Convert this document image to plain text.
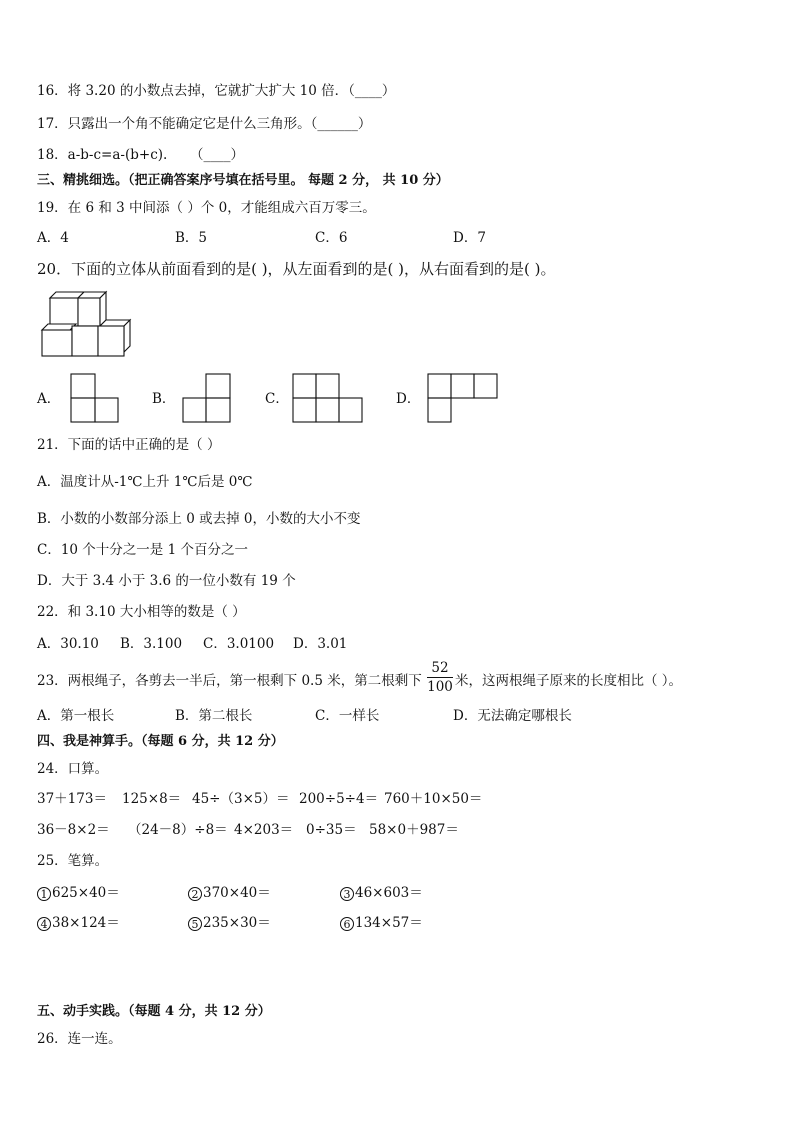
16．将 3.20 的小数点去掉，它就扩大扩大 10 倍．（____）
17．只露出一个角不能确定它是什么三角形。（______）
18．a-b-c=a-(b+c). （____）
三、精挑细选。（把正确答案序号填在括号里。 每题 2 分， 共 10 分）
19．在 6 和 3 中间添（ ）个 0，才能组成六百万零三。
A．4	B．5	C．6	D．7
20．下面的立体从前面看到的是( )，从左面看到的是( )，从右面看到的是( )。
A．	B．	C．	D．
21．下面的话中正确的是（ ）
A．温度计从-1℃上升 1℃后是 0℃
B．小数的小数部分添上 0 或去掉 0，小数的大小不变
C．10 个十分之一是 1 个百分之一
D．大于 3.4 小于 3.6 的一位小数有 19 个
22．和 3.10 大小相等的数是（ ）
A．30.10 B．3.100 C．3.0100 D．3.01
23．两根绳子，各剪去一半后，第一根剩下 0.5 米，第二根剩下
52
100 米，这两根绳子原来的长度相比（ ）。
A．第一根长	B．第二根长	C．一样长	D．无法确定哪根长
四、我是神算手。（每题 6 分，共 12 分）
24．口算。
37＋173＝ 125×8＝ 45÷（3×5）＝ 200÷5÷4＝ 760＋10×50＝
36－8×2＝ （24－8）÷8＝ 4×203＝ 0÷35＝ 58×0＋987＝
25．笔算。
1 625×40＝	2 370×40＝	3 46×603＝
4 38×124＝	5 235×30＝	6 134×57＝
五、动手实践。（每题 4 分，共 12 分）
26．连一连。
